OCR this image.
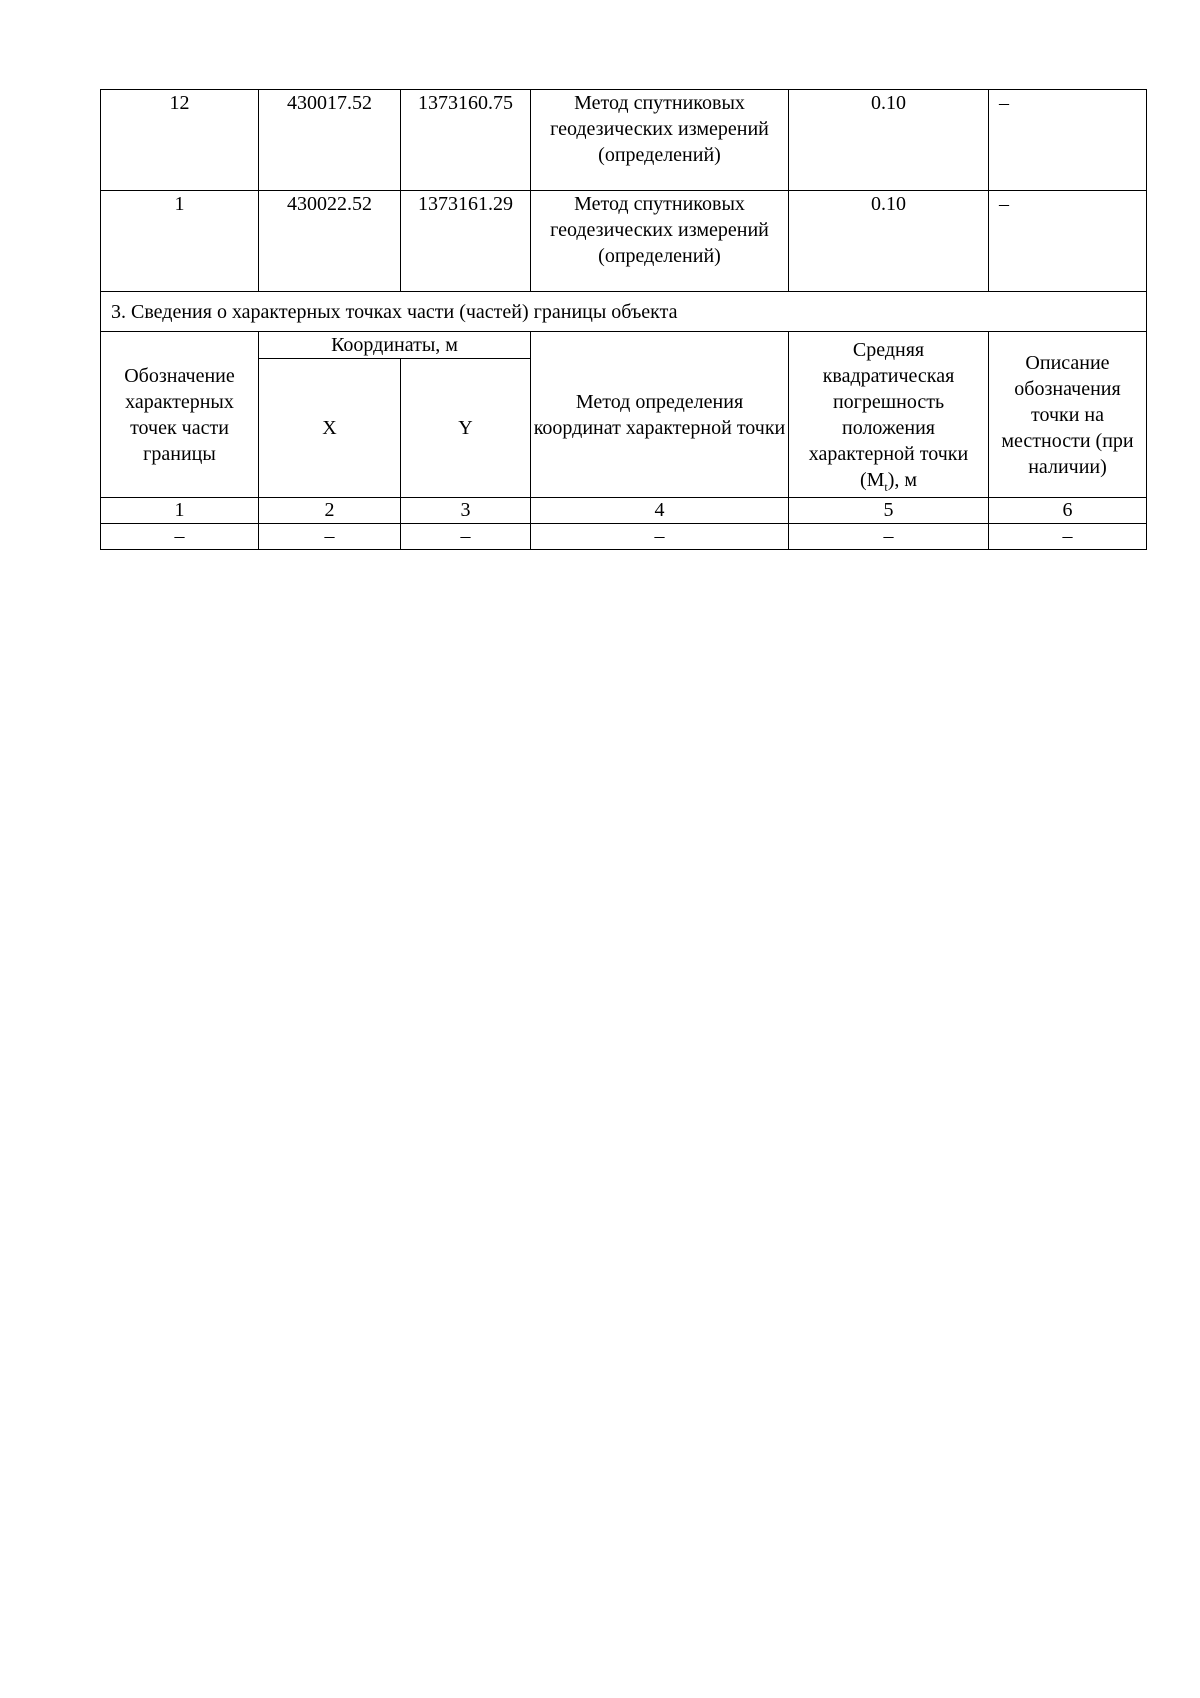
12	430017.52	1373160.75	Метод спутниковых геодезических измерений (определений)	0.10	–
1	430022.52	1373161.29	Метод спутниковых геодезических измерений (определений)	0.10	–
3. Сведения о характерных точках части (частей) границы объекта					
Обозначение характерных точек части границы	Координаты, м		Метод определения координат характерной точки	Средняя квадратическая погрешность положения характерной точки $(M_t)$, м	Описание обозначения точки на местности (при наличии)
	X	Y			
1	2	3	4	5	6
–	–	–	–	–	–
